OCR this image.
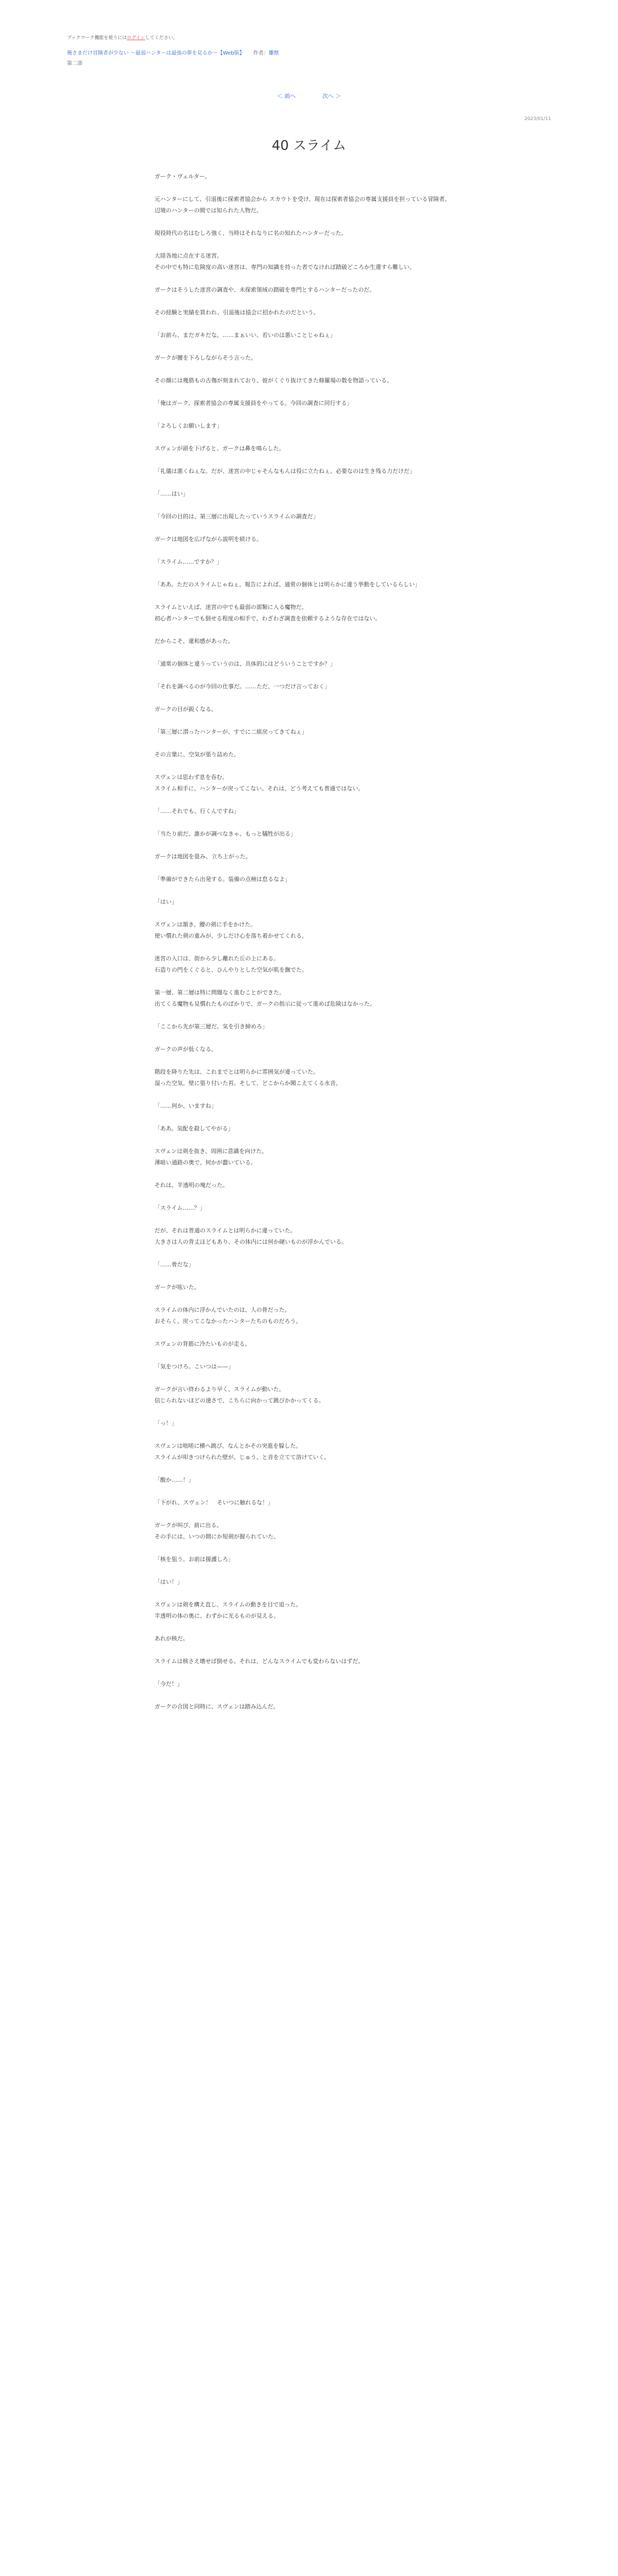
ブックマーク機能を使うにはログインしてください。
俺さまだけ冒険者が少ない 〜最弱ハンターは最強の夢を見るか〜【Web版】 作者：雛獣
第二部
＜ 前へ	次へ ＞
2023/01/11
40 スライム

ガーク・ヴェルター。

元ハンターにして、引退後に探索者協会から スカウトを受け、現在は探索者協会の専属支援員を担っている冒険者。
辺境のハンターの間では知られた人物だ。

現役時代の名はむしろ強く、当時はそれなりに名の知れたハンターだった。

大陸各地に点在する迷宮。
その中でも特に危険度の高い迷宮は、専門の知識を持った者でなければ踏破どころか生還すら難しい。

ガークはそうした迷宮の調査や、未探索領域の踏破を専門とするハンターだったのだ。

その経験と実績を買われ、引退後は協会に招かれたのだという。

「お前ら、まだガキだな。……まぁいい、若いのは悪いことじゃねぇ」

ガークが腰を下ろしながらそう言った。

その顔には幾筋もの古傷が刻まれており、彼がくぐり抜けてきた修羅場の数を物語っている。

「俺はガーク。探索者協会の専属支援員をやってる。今回の調査に同行する」

「よろしくお願いします」

スヴェンが頭を下げると、ガークは鼻を鳴らした。

「礼儀は悪くねぇな。だが、迷宮の中じゃそんなもんは役に立たねぇ。必要なのは生き残る力だけだ」

「……はい」

「今回の目的は、第三層に出現したっていうスライムの調査だ」

ガークは地図を広げながら説明を続ける。

「スライム……ですか？」

「ああ。ただのスライムじゃねぇ。報告によれば、通常の個体とは明らかに違う挙動をしているらしい」

スライムといえば、迷宮の中でも最弱の部類に入る魔物だ。
初心者ハンターでも倒せる程度の相手で、わざわざ調査を依頼するような存在ではない。

だからこそ、違和感があった。

「通常の個体と違うっていうのは、具体的にはどういうことですか？」

「それを調べるのが今回の仕事だ。……ただ、一つだけ言っておく」

ガークの目が鋭くなる。

「第三層に潜ったハンターが、すでに二組戻ってきてねぇ」

その言葉に、空気が張り詰めた。

スヴェンは思わず息を呑む。
スライム相手に、ハンターが戻ってこない。それは、どう考えても普通ではない。

「……それでも、行くんですね」

「当たり前だ。誰かが調べなきゃ、もっと犠牲が出る」

ガークは地図を畳み、立ち上がった。

「準備ができたら出発する。装備の点検は怠るなよ」

「はい」

スヴェンは頷き、腰の剣に手をかけた。
使い慣れた剣の重みが、少しだけ心を落ち着かせてくれる。

迷宮の入口は、街から少し離れた丘の上にある。
石造りの門をくぐると、ひんやりとした空気が肌を撫でた。

第一層、第二層は特に問題なく進むことができた。
出てくる魔物も見慣れたものばかりで、ガークの指示に従って進めば危険はなかった。

「ここから先が第三層だ。気を引き締めろ」

ガークの声が低くなる。

階段を降りた先は、これまでとは明らかに雰囲気が違っていた。
湿った空気。壁に張り付いた苔。そして、どこからか聞こえてくる水音。

「……何か、いますね」

「ああ。気配を殺してやがる」

スヴェンは剣を抜き、周囲に意識を向けた。
薄暗い通路の奥で、何かが蠢いている。

それは、半透明の塊だった。

「スライム……？」

だが、それは普通のスライムとは明らかに違っていた。
大きさは人の背丈ほどもあり、その体内には何か硬いものが浮かんでいる。

「……骨だな」

ガークが呟いた。

スライムの体内に浮かんでいたのは、人の骨だった。
おそらく、戻ってこなかったハンターたちのものだろう。

スヴェンの背筋に冷たいものが走る。

「気をつけろ。こいつは——」

ガークが言い終わるより早く、スライムが動いた。
信じられないほどの速さで、こちらに向かって跳びかかってくる。

「っ！」

スヴェンは咄嗟に横へ跳び、なんとかその突進を躱した。
スライムが叩きつけられた壁が、じゅう、と音を立てて溶けていく。

「酸か……！」

「下がれ、スヴェン！　そいつに触れるな！」

ガークが叫び、前に出る。
その手には、いつの間にか短剣が握られていた。

「核を狙う。お前は援護しろ」

「はい！」

スヴェンは剣を構え直し、スライムの動きを目で追った。
半透明の体の奥に、わずかに光るものが見える。

あれが核だ。

スライムは核さえ壊せば倒せる。それは、どんなスライムでも変わらないはずだ。

「今だ！」

ガークの合図と同時に、スヴェンは踏み込んだ。
